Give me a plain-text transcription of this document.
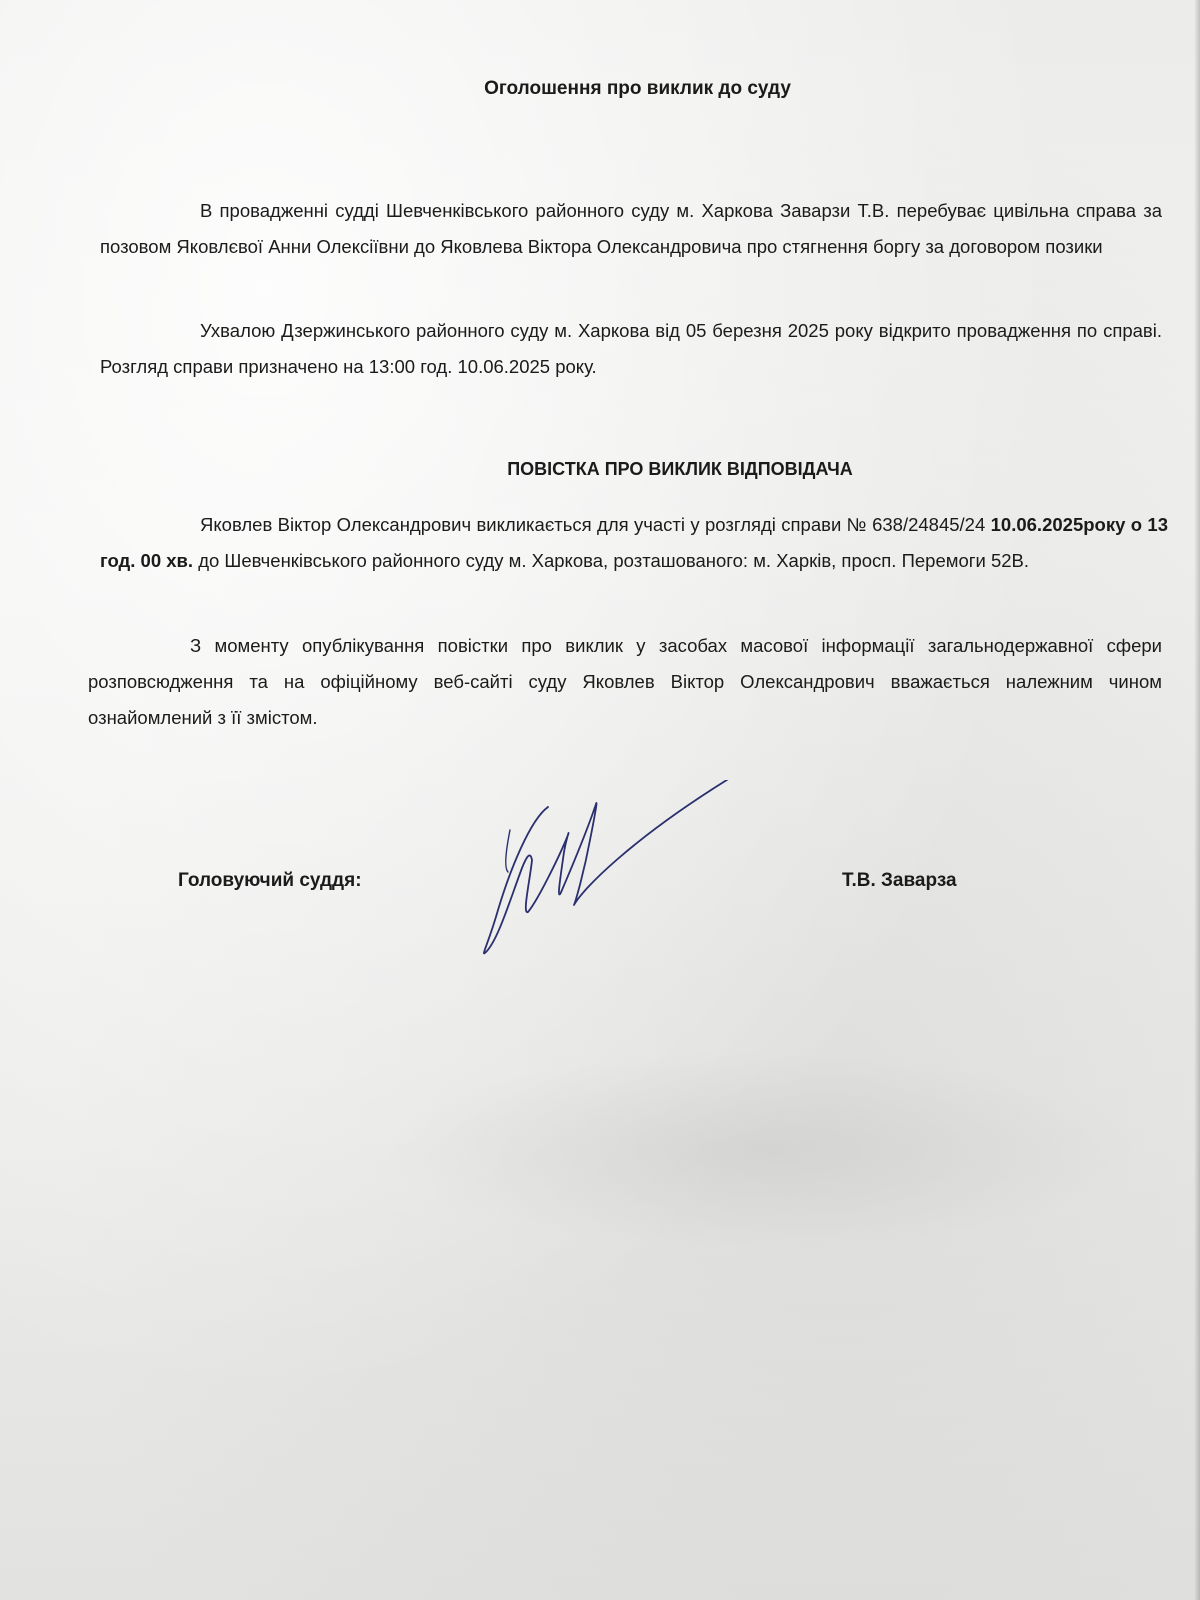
Оголошення про виклик до суду

В провадженні судді Шевченківського районного суду м. Харкова Заварзи Т.В. перебуває цивільна справа за позовом Яковлєвої Анни Олексіївни до Яковлева Віктора Олександровича про стягнення боргу за договором позики

Ухвалою Дзержинського районного суду м. Харкова від 05 березня 2025 року відкрито провадження по справі. Розгляд справи призначено на 13:00 год. 10.06.2025 року.

ПОВІСТКА ПРО ВИКЛИК ВІДПОВІДАЧА

Яковлев Віктор Олександрович викликається для участі у розгляді справи № 638/24845/24 10.06.2025року о 13 год. 00 хв. до Шевченківського районного суду м. Харкова, розташованого: м. Харків, просп. Перемоги 52В.

З моменту опублікування повістки про виклик у засобах масової інформації загальнодержавної сфери розповсюдження та на офіційному веб-сайті суду Яковлев Віктор Олександрович вважається належним чином ознайомлений з її змістом.

Головуючий суддя:	Т.В. Заварза
